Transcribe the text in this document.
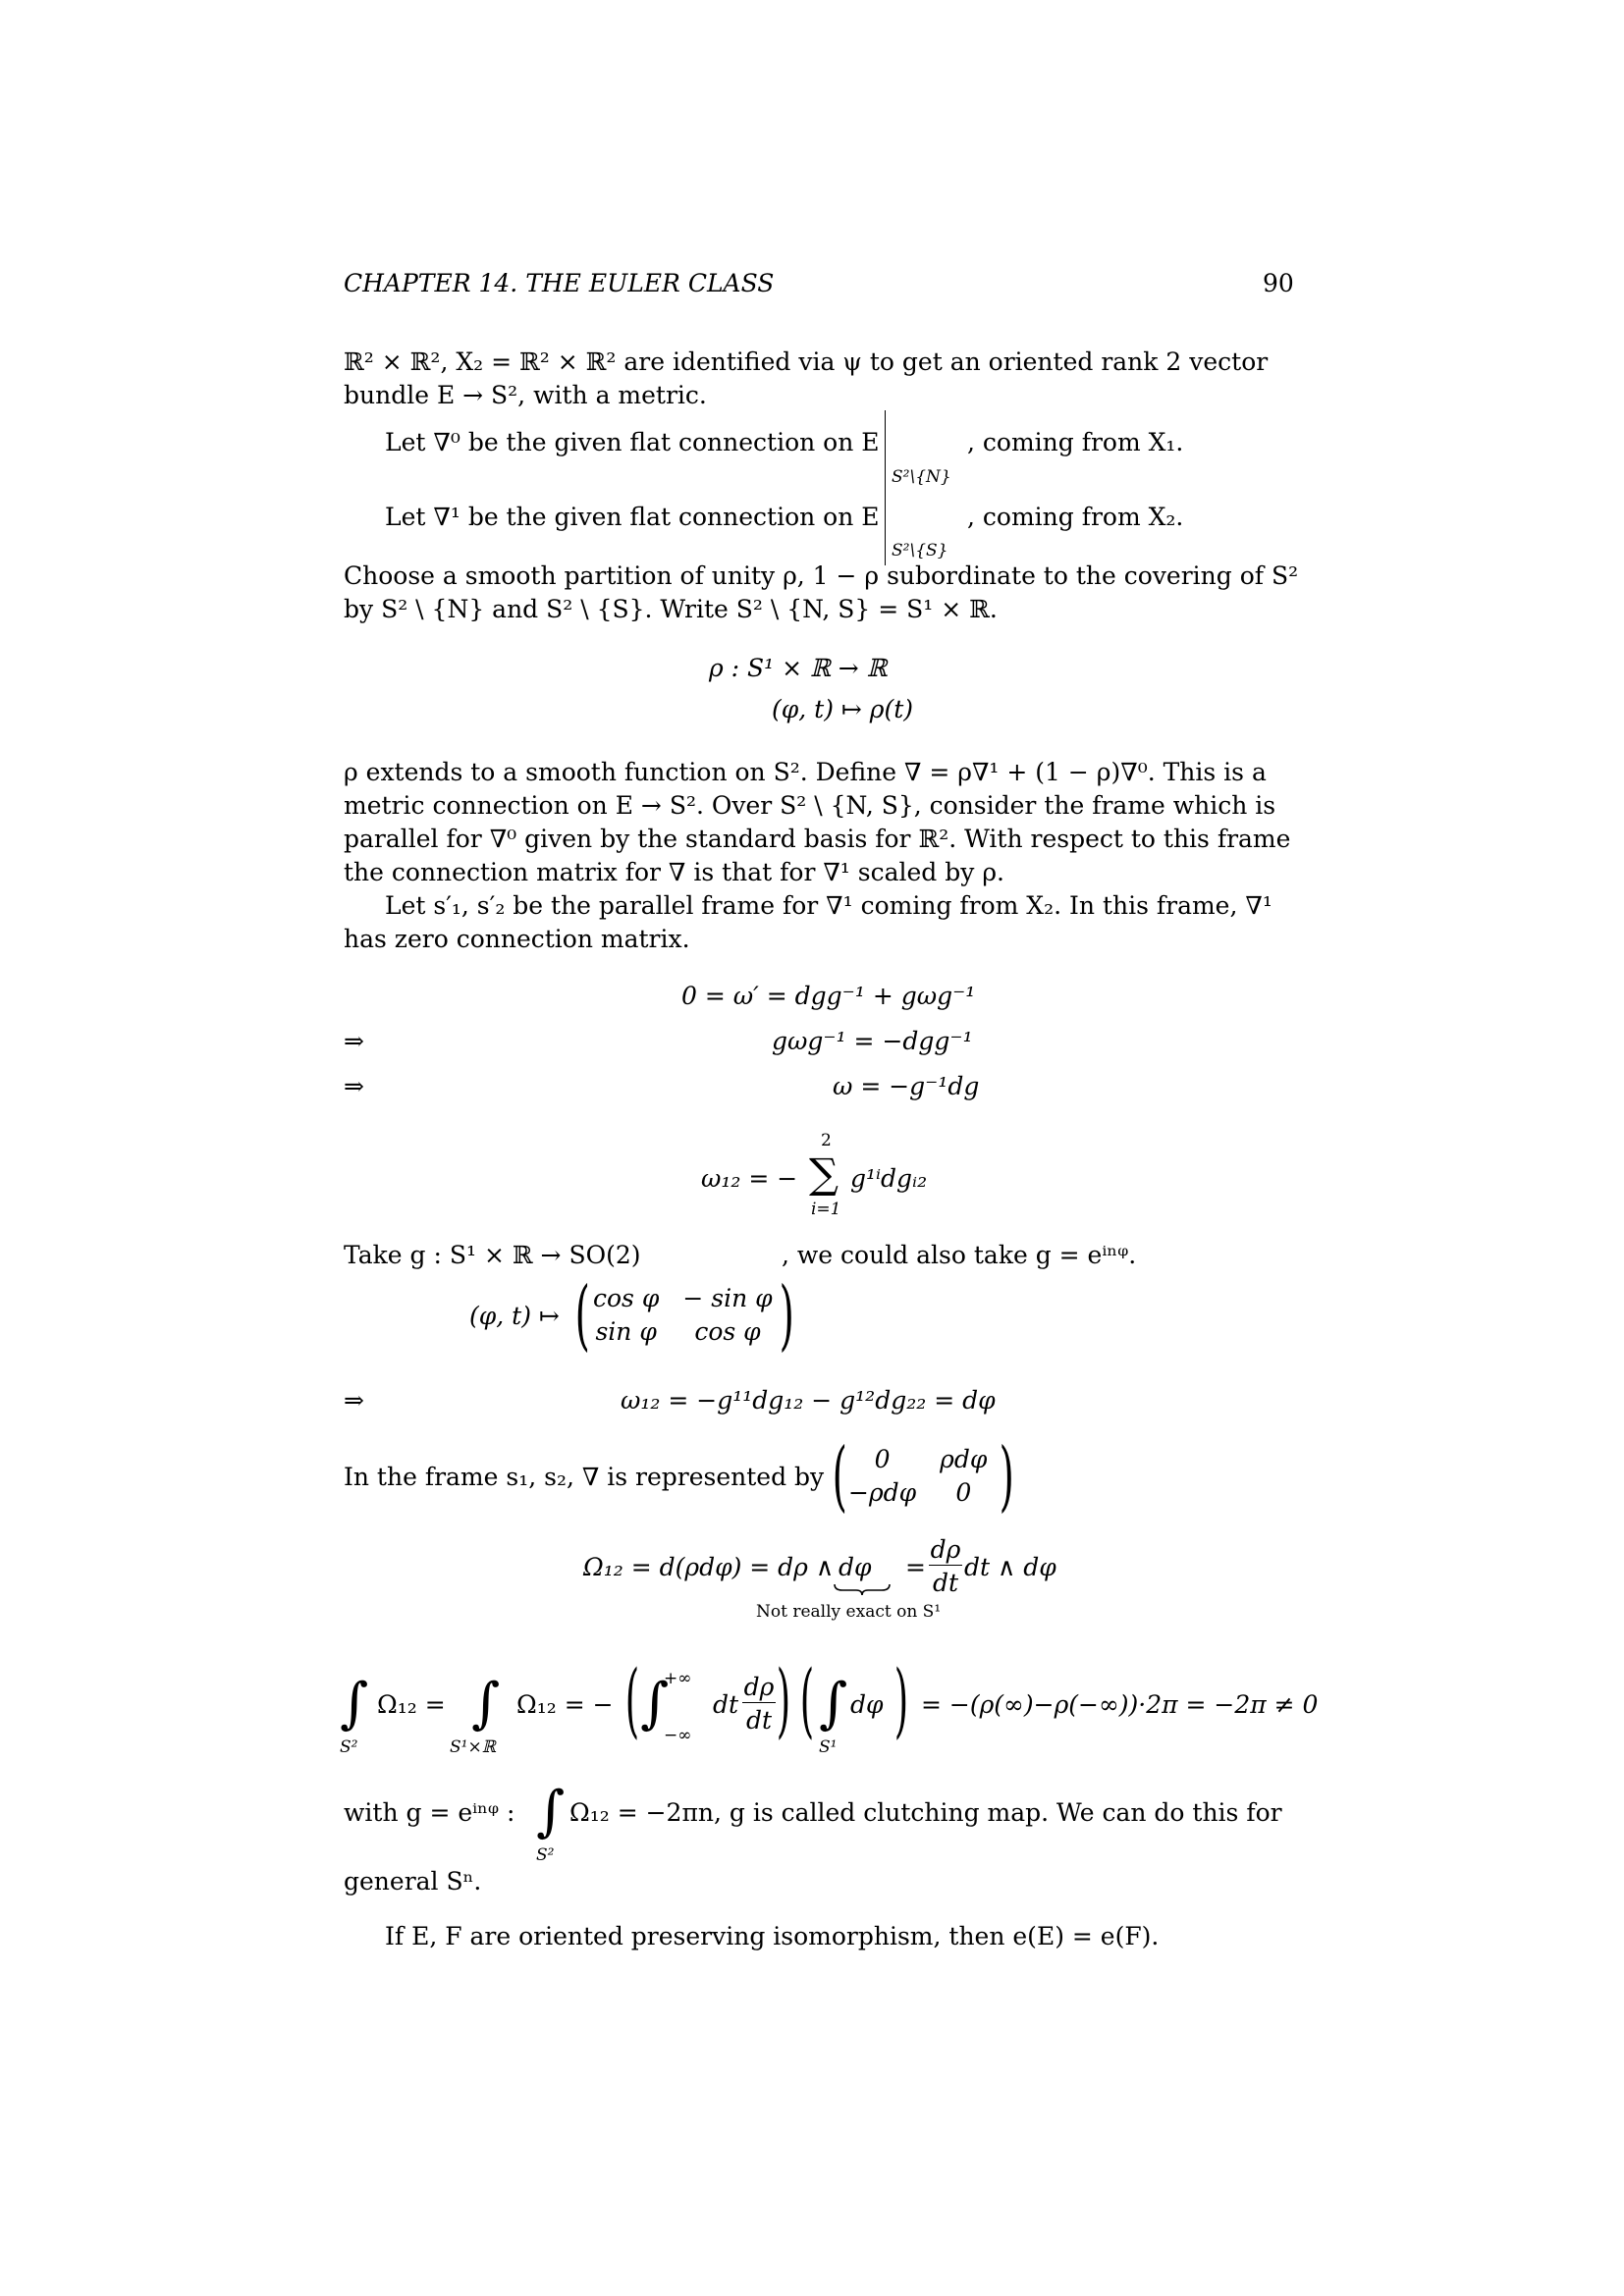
CHAPTER 14. THE EULER CLASS	90
ℝ² × ℝ², X₂ = ℝ² × ℝ² are identified via ψ to get an oriented rank 2 vector
bundle E → S², with a metric.
Let ∇⁰ be the given flat connection on E
S²\{N}
, coming from X₁.
Let ∇¹ be the given flat connection on E
S²\{S}
, coming from X₂.
Choose a smooth partition of unity ρ, 1 − ρ subordinate to the covering of S²
by S² \ {N} and S² \ {S}. Write S² \ {N, S} = S¹ × ℝ.
ρ : S¹ × ℝ → ℝ
(φ, t) ↦ ρ(t)
ρ extends to a smooth function on S². Define ∇ = ρ∇¹ + (1 − ρ)∇⁰. This is a
metric connection on E → S². Over S² \ {N, S}, consider the frame which is
parallel for ∇⁰ given by the standard basis for ℝ². With respect to this frame
the connection matrix for ∇ is that for ∇¹ scaled by ρ.
Let s′₁, s′₂ be the parallel frame for ∇¹ coming from X₂. In this frame, ∇¹
has zero connection matrix.
0 = ω′ = dgg⁻¹ + gωg⁻¹
⇒	gωg⁻¹ = −dgg⁻¹
⇒	ω = −g⁻¹dg
ω₁₂ = −
2
∑
i=1
g¹ⁱdgᵢ₂
Take g : S¹ × ℝ → SO(2)	, we could also take g = eⁱⁿᵠ.
(φ, t) ↦ ( cos φ	− sin φ
sin φ	cos φ )
⇒	ω₁₂ = −g¹¹dg₁₂ − g¹²dg₂₂ = dφ
In the frame s₁, s₂, ∇ is represented by ( 0	ρdφ
−ρdφ	0 )
Ω₁₂ = d(ρdφ) = dρ ∧ dφ
Not really exact on S¹
=
dρ
dt
dt ∧ dφ
∫
S²
Ω₁₂ = ∫
S¹×ℝ
Ω₁₂ = − ( ∫
+∞
−∞
dt
dρ
dt ) ( ∫
S¹
dφ ) = −(ρ(∞)−ρ(−∞))·2π = −2π ≠ 0
with g = eⁱⁿᵠ : ∫
S²
Ω₁₂ = −2πn, g is called clutching map. We can do this for
general Sⁿ.
If E, F are oriented preserving isomorphism, then e(E) = e(F).
